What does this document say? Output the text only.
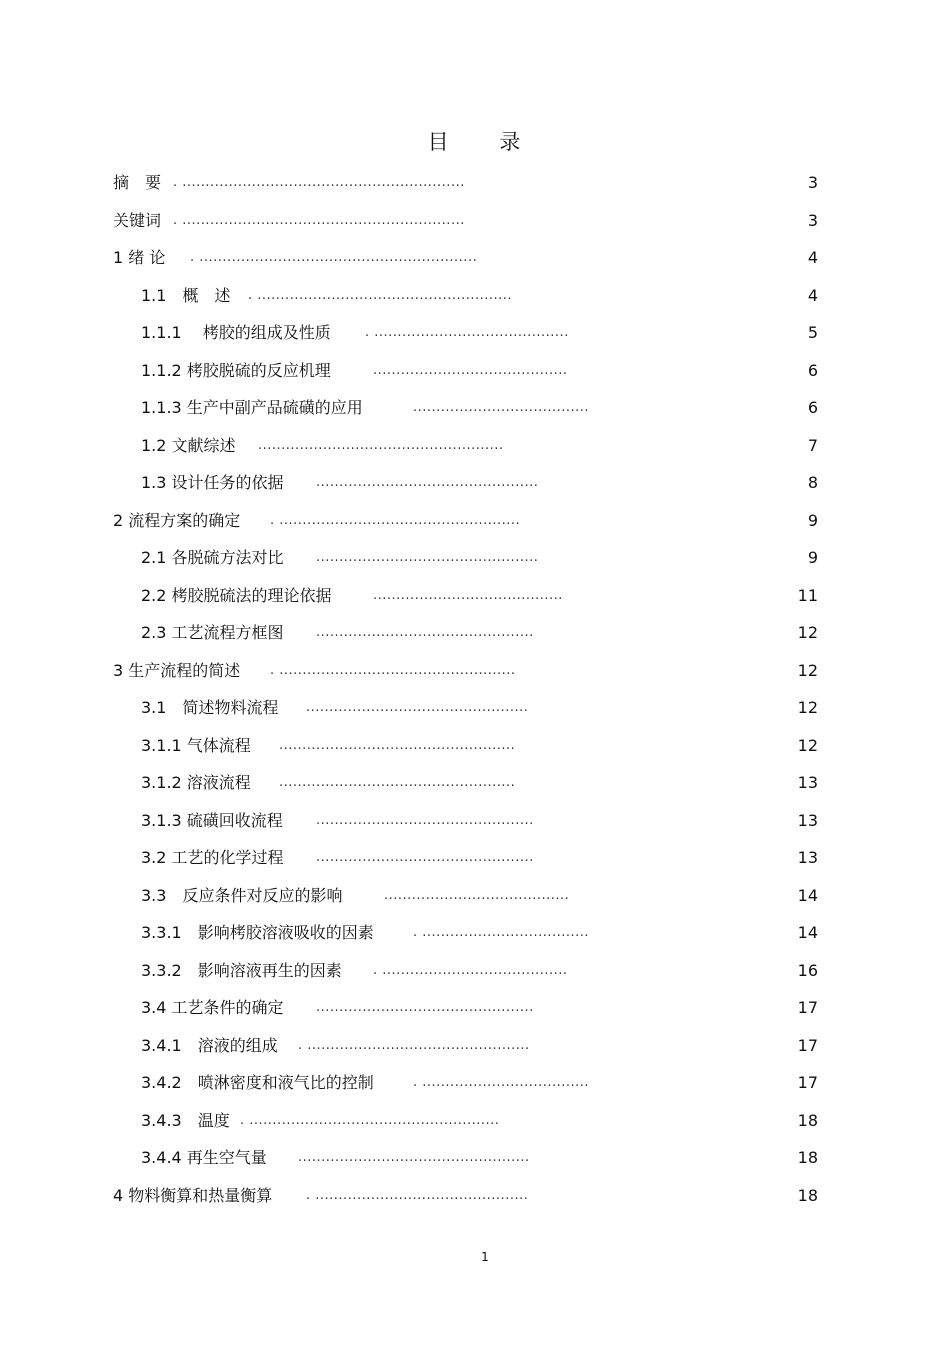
目 录
摘　要 . .............................................................	3
关键词 . .............................................................	3
1 绪 论 . ............................................................	4
1.1　概　述 . .......................................................	4
1.1.1　 栲胶的组成及性质	. ..........................................	5
1.1.2 栲胶脱硫的反应机理	..........................................	6
1.1.3 生产中副产品硫磺的应用	......................................	6
1.2 文献综述 .....................................................	7
1.3 设计任务的依据 ................................................	8
2 流程方案的确定 . ....................................................	9
2.1 各脱硫方法对比 ................................................	9
2.2 栲胶脱硫法的理论依据	.........................................	11
2.3 工艺流程方框图 ...............................................	12
3 生产流程的简述 . ...................................................	12
3.1　简述物料流程 ................................................	12
3.1.1 气体流程 ...................................................	12
3.1.2 溶液流程 ...................................................	13
3.1.3 硫磺回收流程	...............................................	13
3.2 工艺的化学过程 ...............................................	13
3.3　反应条件对反应的影响	........................................	14
3.3.1　影响栲胶溶液吸收的因素	. ....................................	14
3.3.2　影响溶液再生的因素 . ........................................	16
3.4 工艺条件的确定 ...............................................	17
3.4.1　溶液的组成 . ................................................	17
3.4.2　喷淋密度和液气比的控制	. ....................................	17
3.4.3　温度 . ......................................................	18
3.4.4 再生空气量 ..................................................	18
4 物料衡算和热量衡算	. ..............................................	18
1
